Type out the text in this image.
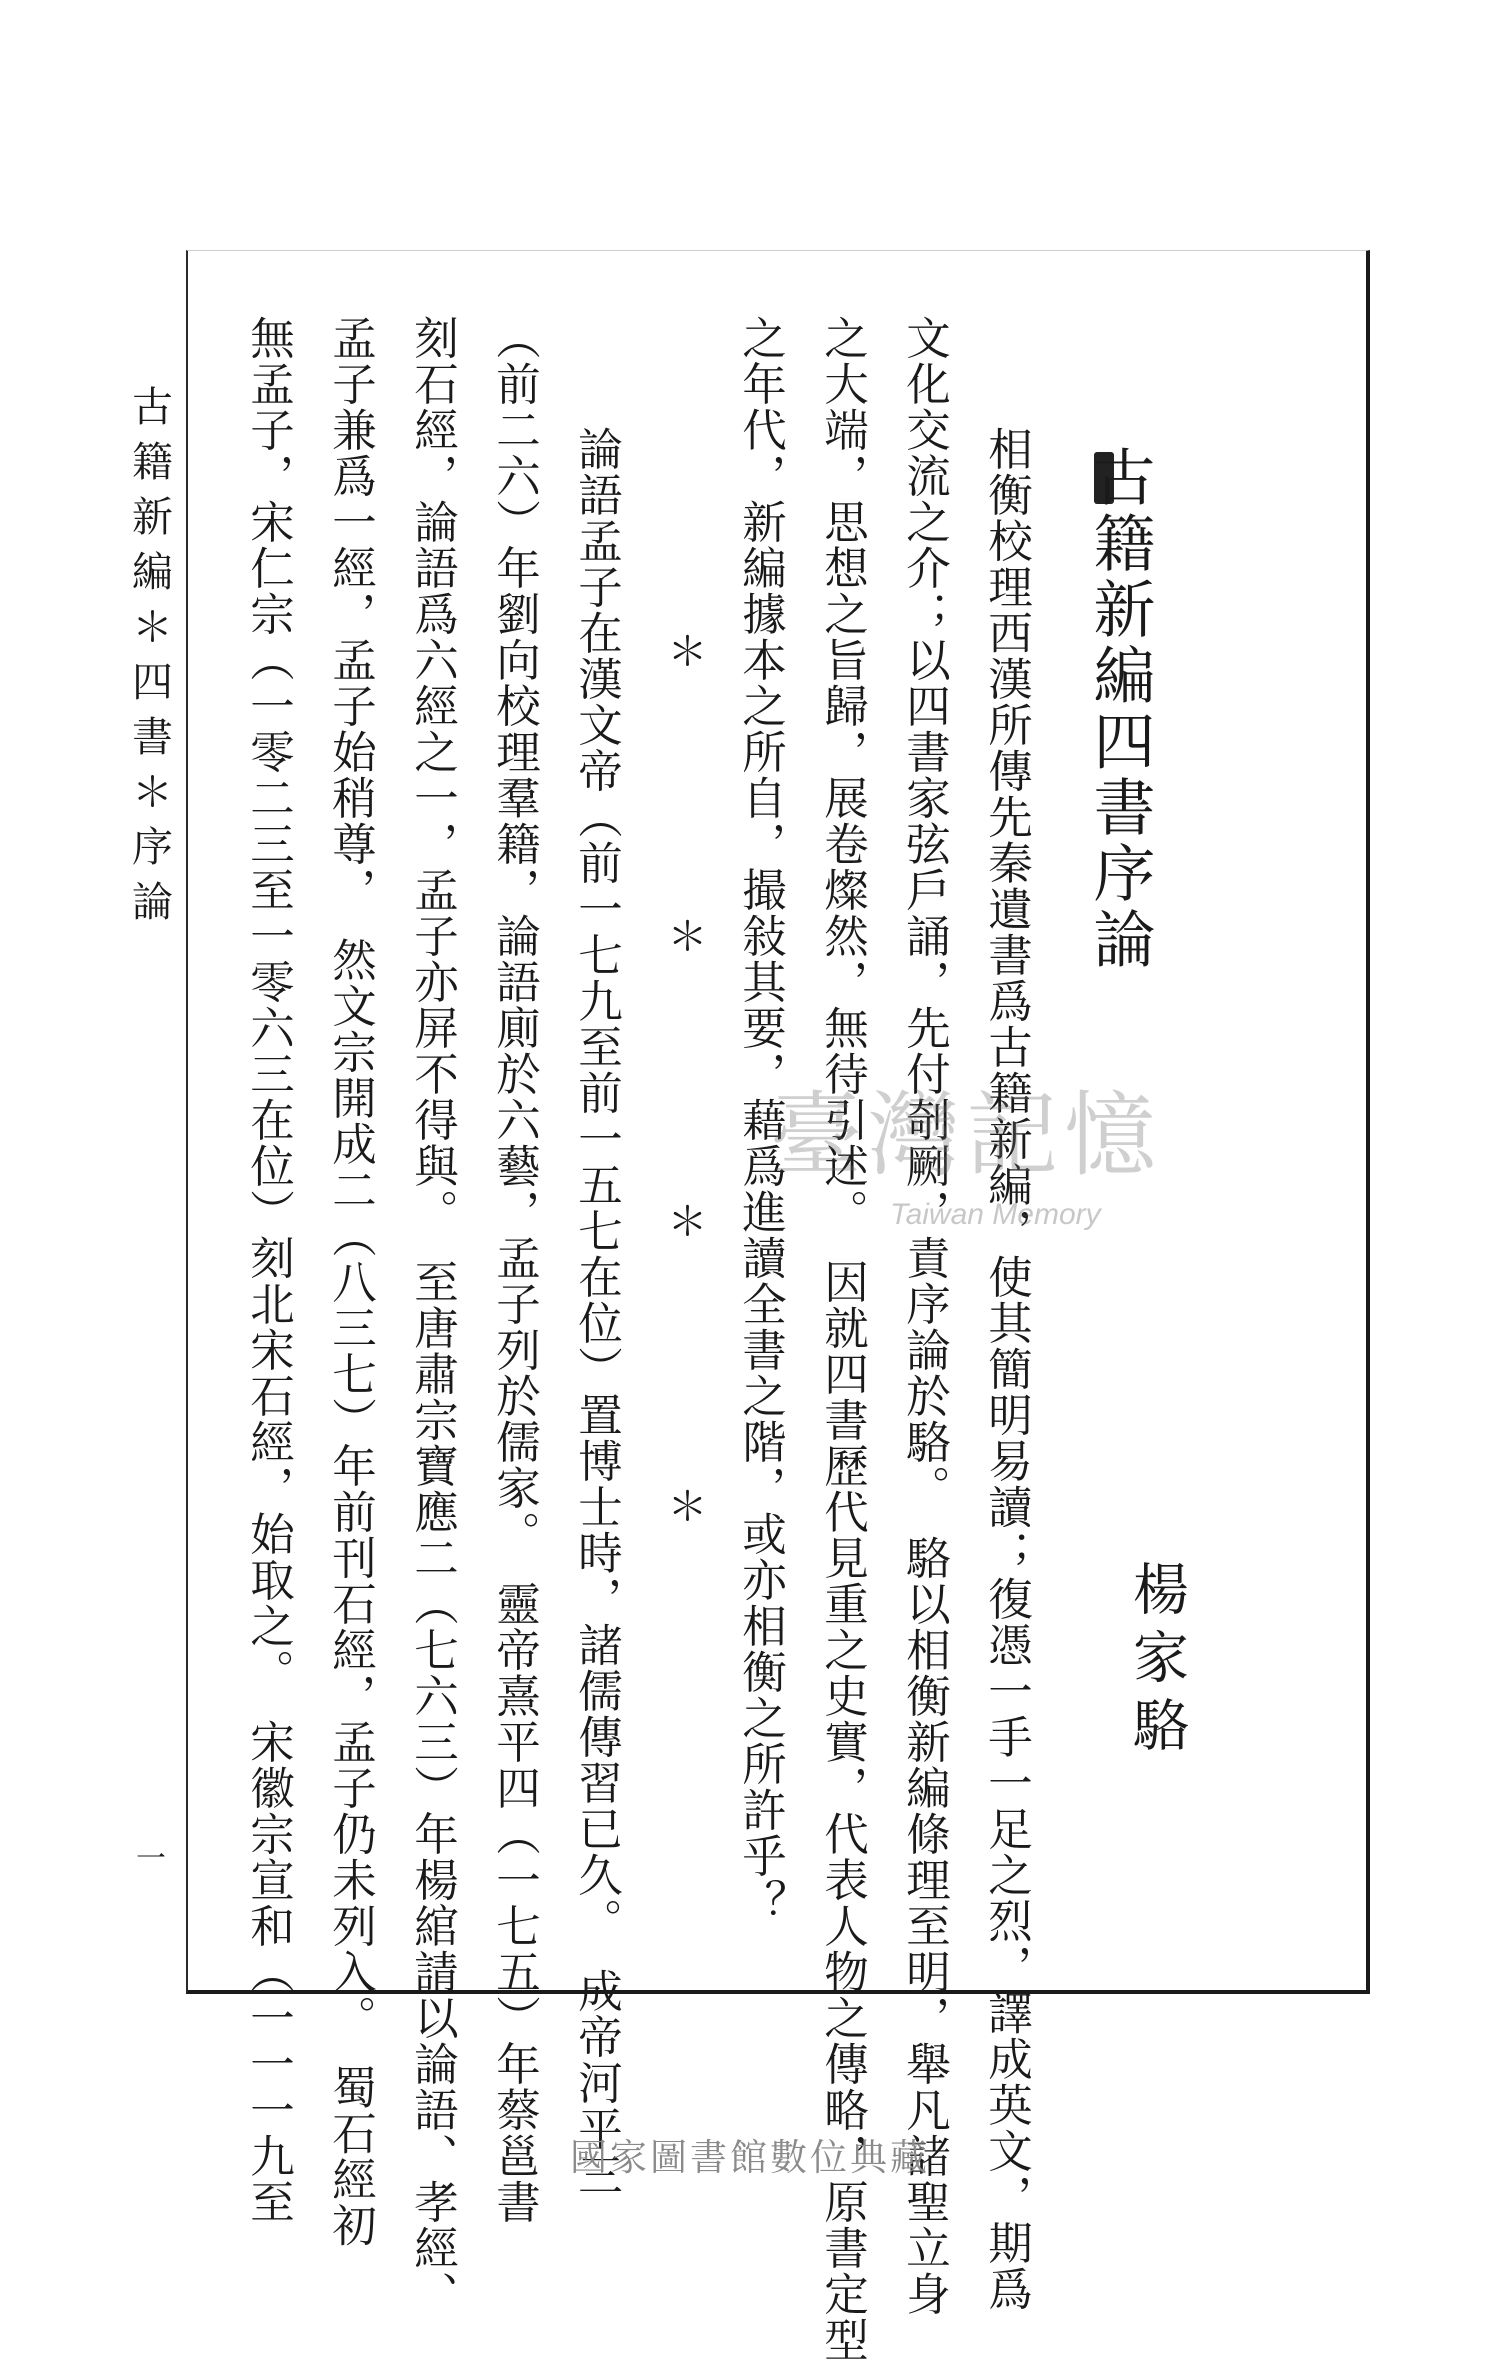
古籍新編＊四書＊序論
一
古籍新編四書序論
　相衡校理西漢所傳先秦遺書爲古籍新編，使其簡明易讀；復憑一手一足之烈，譯成英文，期爲
文化交流之介；以四書家弦戶誦，先付剞劂，責序論於駱。　駱以相衡新編條理至明，舉凡諸聖立身
之大端，思想之旨歸，展卷燦然，無待引述。　因就四書歷代見重之史實，代表人物之傳略，原書定型
之年代，新編據本之所自，撮敍其要，藉爲進讀全書之階，或亦相衡之所許乎？
＊
＊
＊
＊
　論語孟子在漢文帝（前一七九至前一五七在位）置博士時，諸儒傳習已久。　成帝河平三
（前二六）年劉向校理羣籍，論語廁於六藝，孟子列於儒家。　靈帝熹平四（一七五）年蔡邕書
刻石經，論語爲六經之一，孟子亦屏不得與。　至唐肅宗寶應二（七六三）年楊綰請以論語、孝經、
孟子兼爲一經，孟子始稍尊，　然文宗開成二（八三七）年前刊石經，孟子仍未列入。　蜀石經初
無孟子，宋仁宗（一零二三至一零六三在位）刻北宋石經，始取之。　宋徽宗宣和（一一一九至	楊家駱
臺灣記憶
Taiwan Memory
國家圖書館數位典藏
